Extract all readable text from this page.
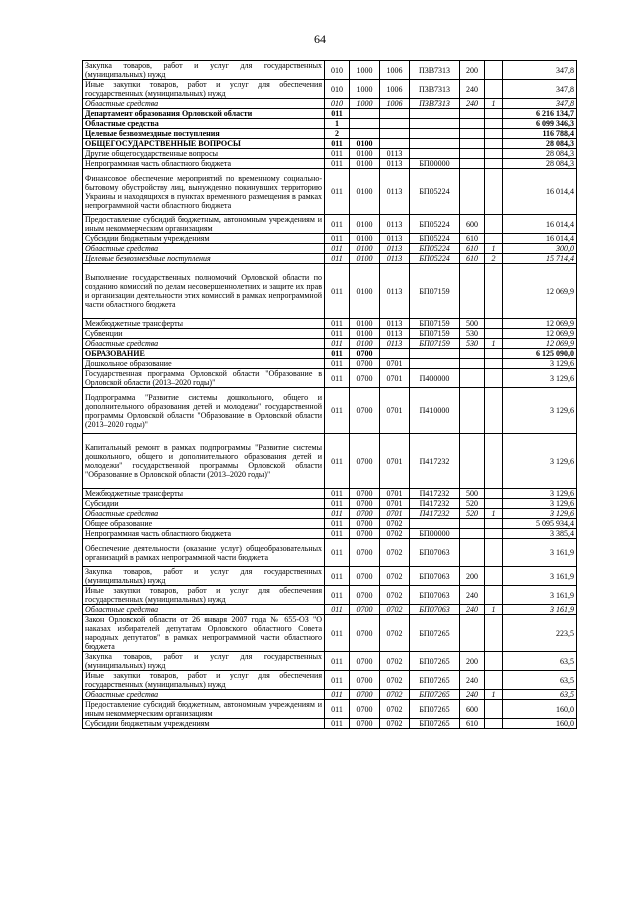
64
Закупка товаров, работ и услуг для государственных (муниципальных) нужд	010	1000	1006	П3В7313	200		347,8
Иные закупки товаров, работ и услуг для обеспечения государственных (муниципальных) нужд	010	1000	1006	П3В7313	240		347,8
Областные средства	010	1000	1006	П3В7313	240	1	347,8
Департамент образования Орловской области	011						6 216 134,7
Областные средства	1						6 099 346,3
Целевые безвозмездные поступления	2						116 788,4
ОБЩЕГОСУДАРСТВЕННЫЕ ВОПРОСЫ	011	0100					28 084,3
Другие общегосударственные вопросы	011	0100	0113				28 084,3
Непрограммная часть областного бюджета	011	0100	0113	БП00000			28 084,3
Финансовое обеспечение мероприятий по временному социально-бытовому обустройству лиц, вынужденно покинувших территорию Украины и находящихся в пунктах временного размещения в рамках непрограммной части областного бюджета	011	0100	0113	БП05224			16 014,4
Предоставление субсидий бюджетным, автономным учреждениям и иным некоммерческим организациям	011	0100	0113	БП05224	600		16 014,4
Субсидии бюджетным учреждениям	011	0100	0113	БП05224	610		16 014,4
Областные средства	011	0100	0113	БП05224	610	1	300,0
Целевые безвозмездные поступления	011	0100	0113	БП05224	610	2	15 714,4
Выполнение государственных полномочий Орловской области по созданию комиссий по делам несовершеннолетних и защите их прав и организации деятельности этих комиссий в рамках непрограммной части областного бюджета	011	0100	0113	БП07159			12 069,9
Межбюджетные трансферты	011	0100	0113	БП07159	500		12 069,9
Субвенции	011	0100	0113	БП07159	530		12 069,9
Областные средства	011	0100	0113	БП07159	530	1	12 069,9
ОБРАЗОВАНИЕ	011	0700					6 125 090,0
Дошкольное образование	011	0700	0701				3 129,6
Государственная программа Орловской области "Образование в Орловской области (2013–2020 годы)"	011	0700	0701	П400000			3 129,6
Подпрограмма "Развитие системы дошкольного, общего и дополнительного образования детей и молодежи" государственной программы Орловской области "Образование в Орловской области (2013–2020 годы)"	011	0700	0701	П410000			3 129,6
Капитальный ремонт в рамках подпрограммы "Развитие системы дошкольного, общего и дополнительного образования детей и молодежи" государственной программы Орловской области "Образование в Орловской области (2013–2020 годы)"	011	0700	0701	П417232			3 129,6
Межбюджетные трансферты	011	0700	0701	П417232	500		3 129,6
Субсидии	011	0700	0701	П417232	520		3 129,6
Областные средства	011	0700	0701	П417232	520	1	3 129,6
Общее образование	011	0700	0702				5 095 934,4
Непрограммная часть областного бюджета	011	0700	0702	БП00000			3 385,4
Обеспечение деятельности (оказание услуг) общеобразовательных организаций в рамках непрограммной части бюджета	011	0700	0702	БП07063			3 161,9
Закупка товаров, работ и услуг для государственных (муниципальных) нужд	011	0700	0702	БП07063	200		3 161,9
Иные закупки товаров, работ и услуг для обеспечения государственных (муниципальных) нужд	011	0700	0702	БП07063	240		3 161,9
Областные средства	011	0700	0702	БП07063	240	1	3 161,9
Закон Орловской области от 26 января 2007 года № 655-ОЗ "О наказах избирателей депутатам Орловского областного Совета народных депутатов" в рамках непрограммной части областного бюджета	011	0700	0702	БП07265			223,5
Закупка товаров, работ и услуг для государственных (муниципальных) нужд	011	0700	0702	БП07265	200		63,5
Иные закупки товаров, работ и услуг для обеспечения государственных (муниципальных) нужд	011	0700	0702	БП07265	240		63,5
Областные средства	011	0700	0702	БП07265	240	1	63,5
Предоставление субсидий бюджетным, автономным учреждениям и иным некоммерческим организациям	011	0700	0702	БП07265	600		160,0
Субсидии бюджетным учреждениям	011	0700	0702	БП07265	610		160,0
